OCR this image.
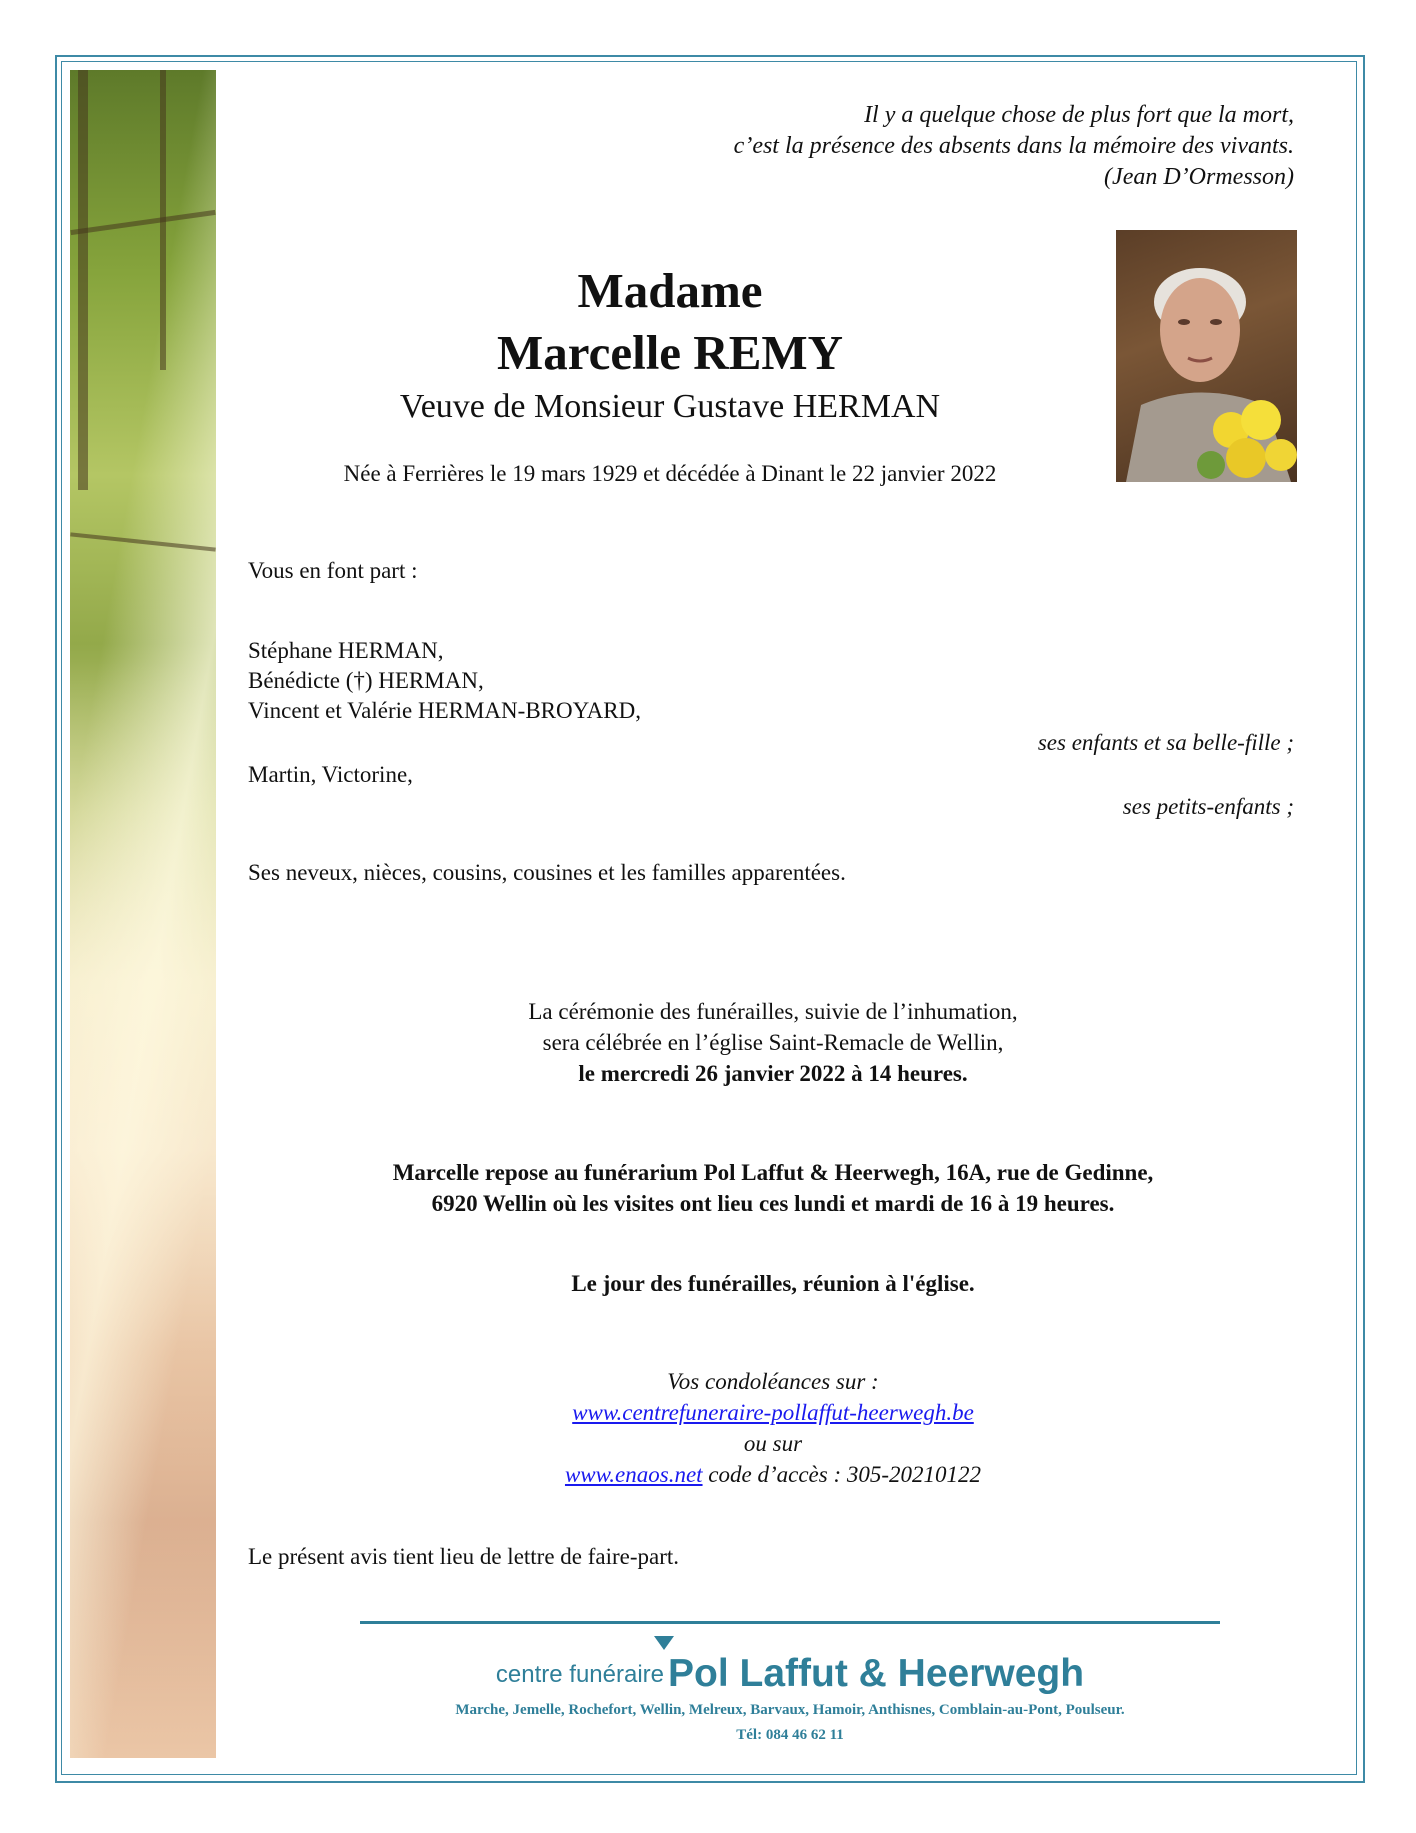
Il y a quelque chose de plus fort que la mort,
c’est la présence des absents dans la mémoire des vivants.
(Jean D’Ormesson)
Madame
Marcelle REMY
Veuve de Monsieur Gustave HERMAN
Née à Ferrières le 19 mars 1929 et décédée à Dinant le 22 janvier 2022
Vous en font part :
Stéphane HERMAN,
Bénédicte (†) HERMAN,
Vincent et Valérie HERMAN-BROYARD,
ses enfants et sa belle-fille ;
Martin, Victorine,
ses petits-enfants ;
Ses neveux, nièces, cousins, cousines et les familles apparentées.
La cérémonie des funérailles, suivie de l’inhumation,
sera célébrée en l’église Saint-Remacle de Wellin,
le mercredi 26 janvier 2022 à 14 heures.
Marcelle repose au funérarium Pol Laffut & Heerwegh, 16A, rue de Gedinne,
6920 Wellin où les visites ont lieu ces lundi et mardi de 16 à 19 heures.
Le jour des funérailles, réunion à l'église.
Vos condoléances sur :
www.centrefuneraire-pollaffut-heerwegh.be
ou sur
www.enaos.net code d’accès : 305-20210122
Le présent avis tient lieu de lettre de faire-part.
centre funéraire Pol Laffut & Heerwegh
Marche, Jemelle, Rochefort, Wellin, Melreux, Barvaux, Hamoir, Anthisnes, Comblain-au-Pont, Poulseur.
Tél: 084 46 62 11
